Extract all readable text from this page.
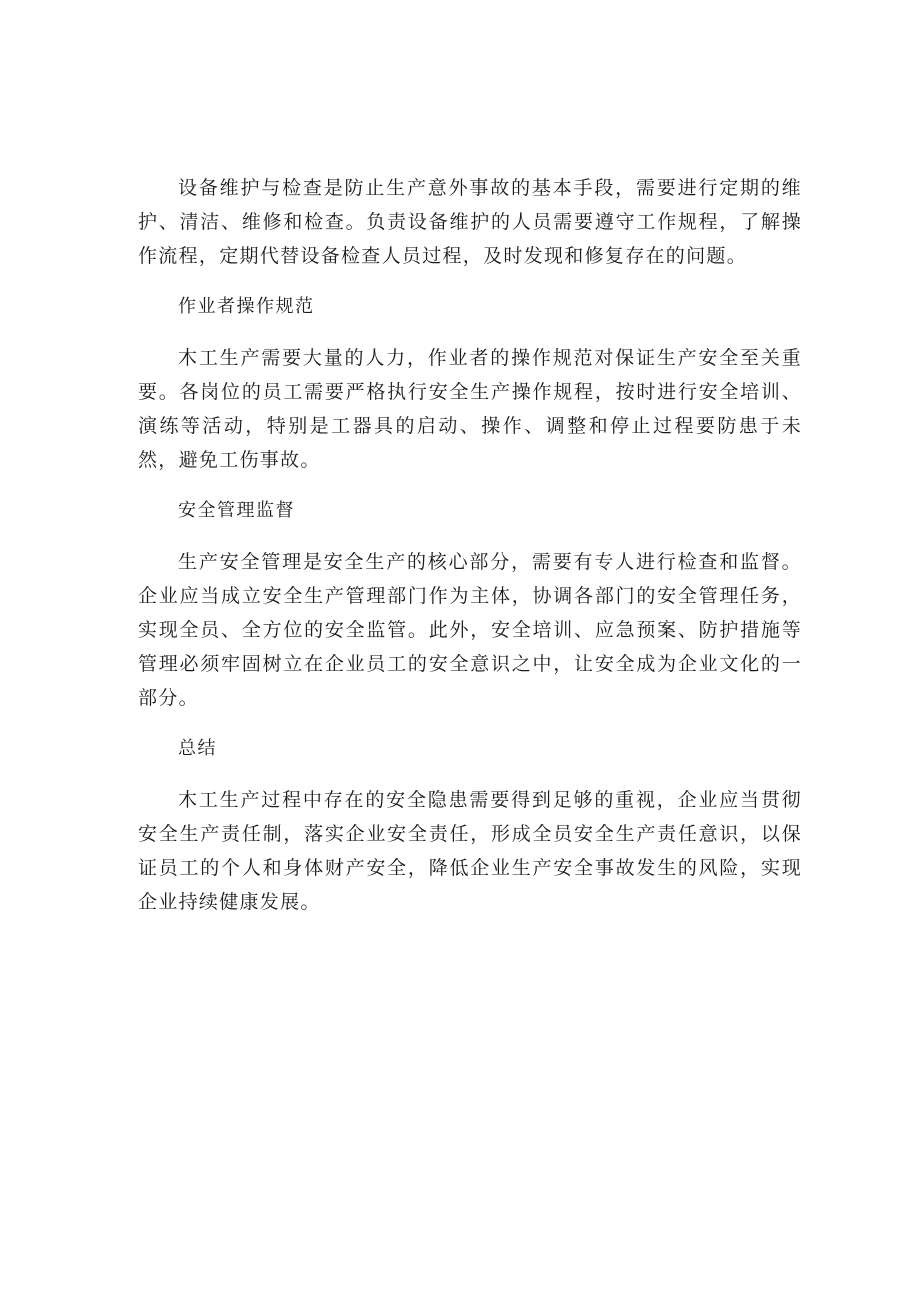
设备维护与检查是防止生产意外事故的基本手段，需要进行定期的维护、清洁、维修和检查。负责设备维护的人员需要遵守工作规程，了解操作流程，定期代替设备检查人员过程，及时发现和修复存在的问题。

作业者操作规范

木工生产需要大量的人力，作业者的操作规范对保证生产安全至关重要。各岗位的员工需要严格执行安全生产操作规程，按时进行安全培训、演练等活动，特别是工器具的启动、操作、调整和停止过程要防患于未然，避免工伤事故。

安全管理监督

生产安全管理是安全生产的核心部分，需要有专人进行检查和监督。企业应当成立安全生产管理部门作为主体，协调各部门的安全管理任务，实现全员、全方位的安全监管。此外，安全培训、应急预案、防护措施等管理必须牢固树立在企业员工的安全意识之中，让安全成为企业文化的一部分。

总结

木工生产过程中存在的安全隐患需要得到足够的重视，企业应当贯彻安全生产责任制，落实企业安全责任，形成全员安全生产责任意识，以保证员工的个人和身体财产安全，降低企业生产安全事故发生的风险，实现企业持续健康发展。
